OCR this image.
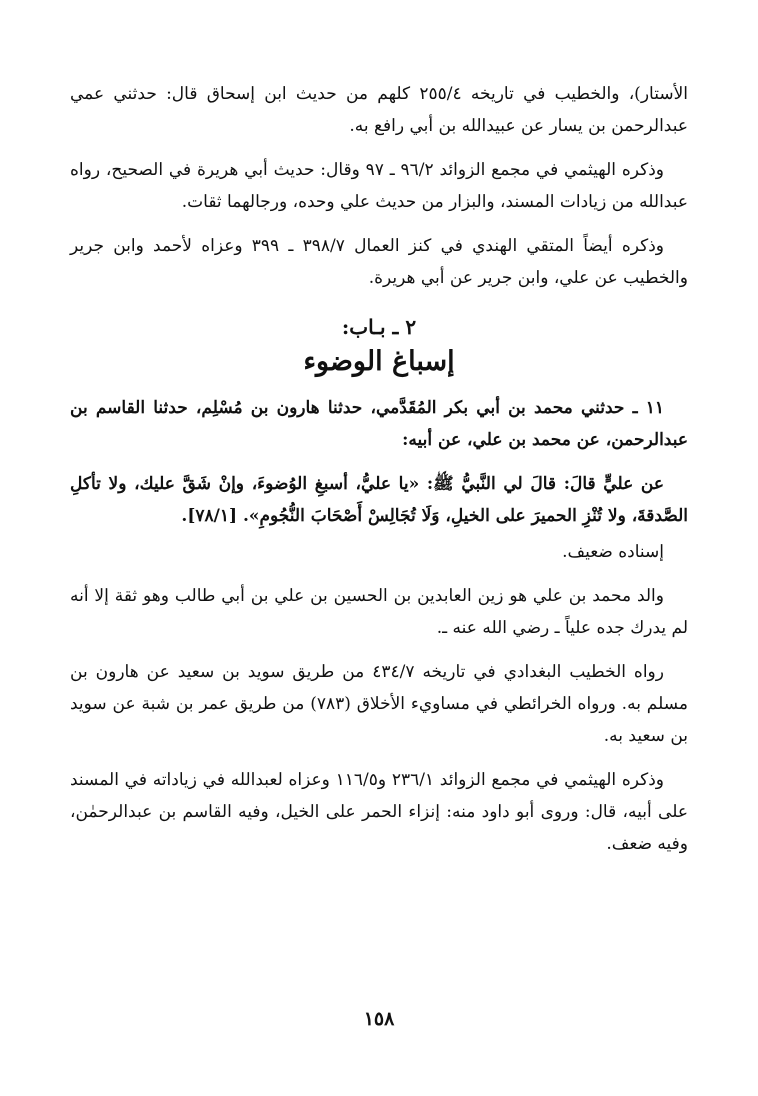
الأستار)، والخطيب في تاريخه ٢٥٥/٤ كلهم من حديث ابن إسحاق قال: حدثني عمي عبدالرحمن بن يسار عن عبيدالله بن أبي رافع به.

وذكره الهيثمي في مجمع الزوائد ٩٦/٢ ـ ٩٧ وقال: حديث أبي هريرة في الصحيح، رواه عبدالله من زيادات المسند، والبزار من حديث علي وحده، ورجالهما ثقات.

وذكره أيضاً المتقي الهندي في كنز العمال ٣٩٨/٧ ـ ٣٩٩ وعزاه لأحمد وابن جرير والخطيب عن علي، وابن جرير عن أبي هريرة.

٢ ـ بـاب:
إسباغ الوضوء

١١ ـ حدثني محمد بن أبي بكر المُقَدَّمي، حدثنا هارون بن مُسْلِم، حدثنا القاسم بن عبدالرحمن، عن محمد بن علي، عن أبيه:

عن عليٍّ قالَ: قالَ لي النَّبيُّ ﷺ: «يا عليُّ، أسبغِ الوُضوءَ، وإنْ شَقَّ عليك، ولا تأكلِ الصَّدقةَ، ولا تُنْزِ الحميرَ على الخيلِ، وَلَا تُجَالِسْ أَصْحَابَ النُّجُومِ». [٧٨/١].

إسناده ضعيف.

والد محمد بن علي هو زين العابدين بن الحسين بن علي بن أبي طالب وهو ثقة إلا أنه لم يدرك جده علياً ـ رضي الله عنه ـ.

رواه الخطيب البغدادي في تاريخه ٤٣٤/٧ من طريق سويد بن سعيد عن هارون بن مسلم به. ورواه الخرائطي في مساويء الأخلاق (٧٨٣) من طريق عمر بن شبة عن سويد بن سعيد به.

وذكره الهيثمي في مجمع الزوائد ٢٣٦/١ و١١٦/٥ وعزاه لعبدالله في زياداته في المسند على أبيه، قال: وروى أبو داود منه: إنزاء الحمر على الخيل، وفيه القاسم بن عبدالرحمٰن، وفيه ضعف.

١٥٨
